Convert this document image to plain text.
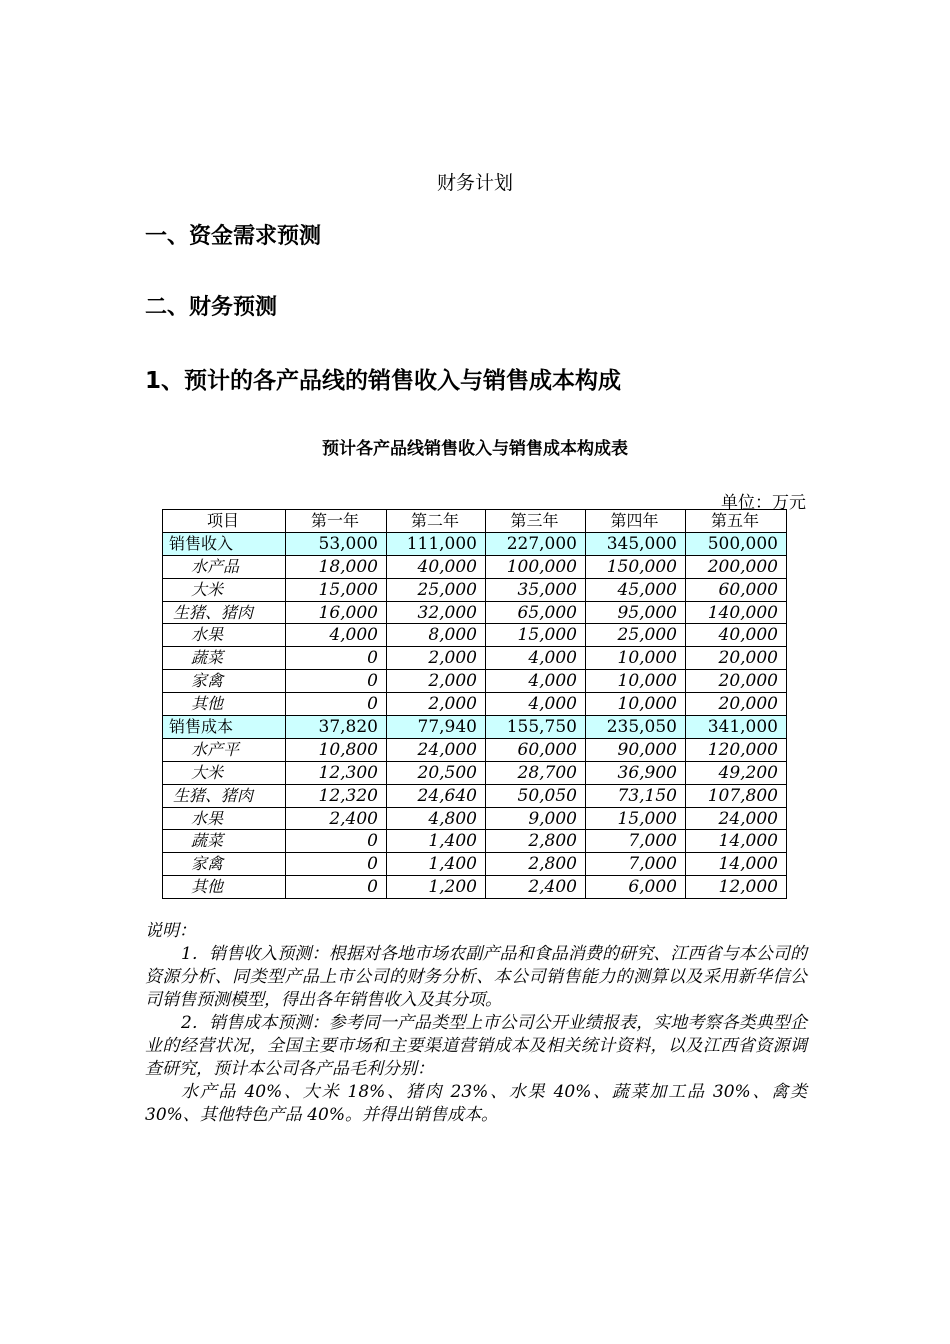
财务计划
一、资金需求预测
二、财务预测
1、预计的各产品线的销售收入与销售成本构成
预计各产品线销售收入与销售成本构成表
单位：万元
项目	第一年	第二年	第三年	第四年	第五年
销售收入	53,000	111,000	227,000	345,000	500,000
水产品	18,000	40,000	100,000	150,000	200,000
大米	15,000	25,000	35,000	45,000	60,000
生猪、猪肉	16,000	32,000	65,000	95,000	140,000
水果	4,000	8,000	15,000	25,000	40,000
蔬菜	0	2,000	4,000	10,000	20,000
家禽	0	2,000	4,000	10,000	20,000
其他	0	2,000	4,000	10,000	20,000
销售成本	37,820	77,940	155,750	235,050	341,000
水产平	10,800	24,000	60,000	90,000	120,000
大米	12,300	20,500	28,700	36,900	49,200
生猪、猪肉	12,320	24,640	50,050	73,150	107,800
水果	2,400	4,800	9,000	15,000	24,000
蔬菜	0	1,400	2,800	7,000	14,000
家禽	0	1,400	2,800	7,000	14,000
其他	0	1,200	2,400	6,000	12,000

说明：

1．销售收入预测：根据对各地市场农副产品和食品消费的研究、江西省与本公司的资源分析、同类型产品上市公司的财务分析、本公司销售能力的测算以及采用新华信公司销售预测模型，得出各年销售收入及其分项。

2．销售成本预测：参考同一产品类型上市公司公开业绩报表，实地考察各类典型企业的经营状况，全国主要市场和主要渠道营销成本及相关统计资料，以及江西省资源调查研究，预计本公司各产品毛利分别：

水产品 40%、大米 18%、猪肉 23%、水果 40%、蔬菜加工品 30%、禽类 30%、其他特色产品 40%。并得出销售成本。
